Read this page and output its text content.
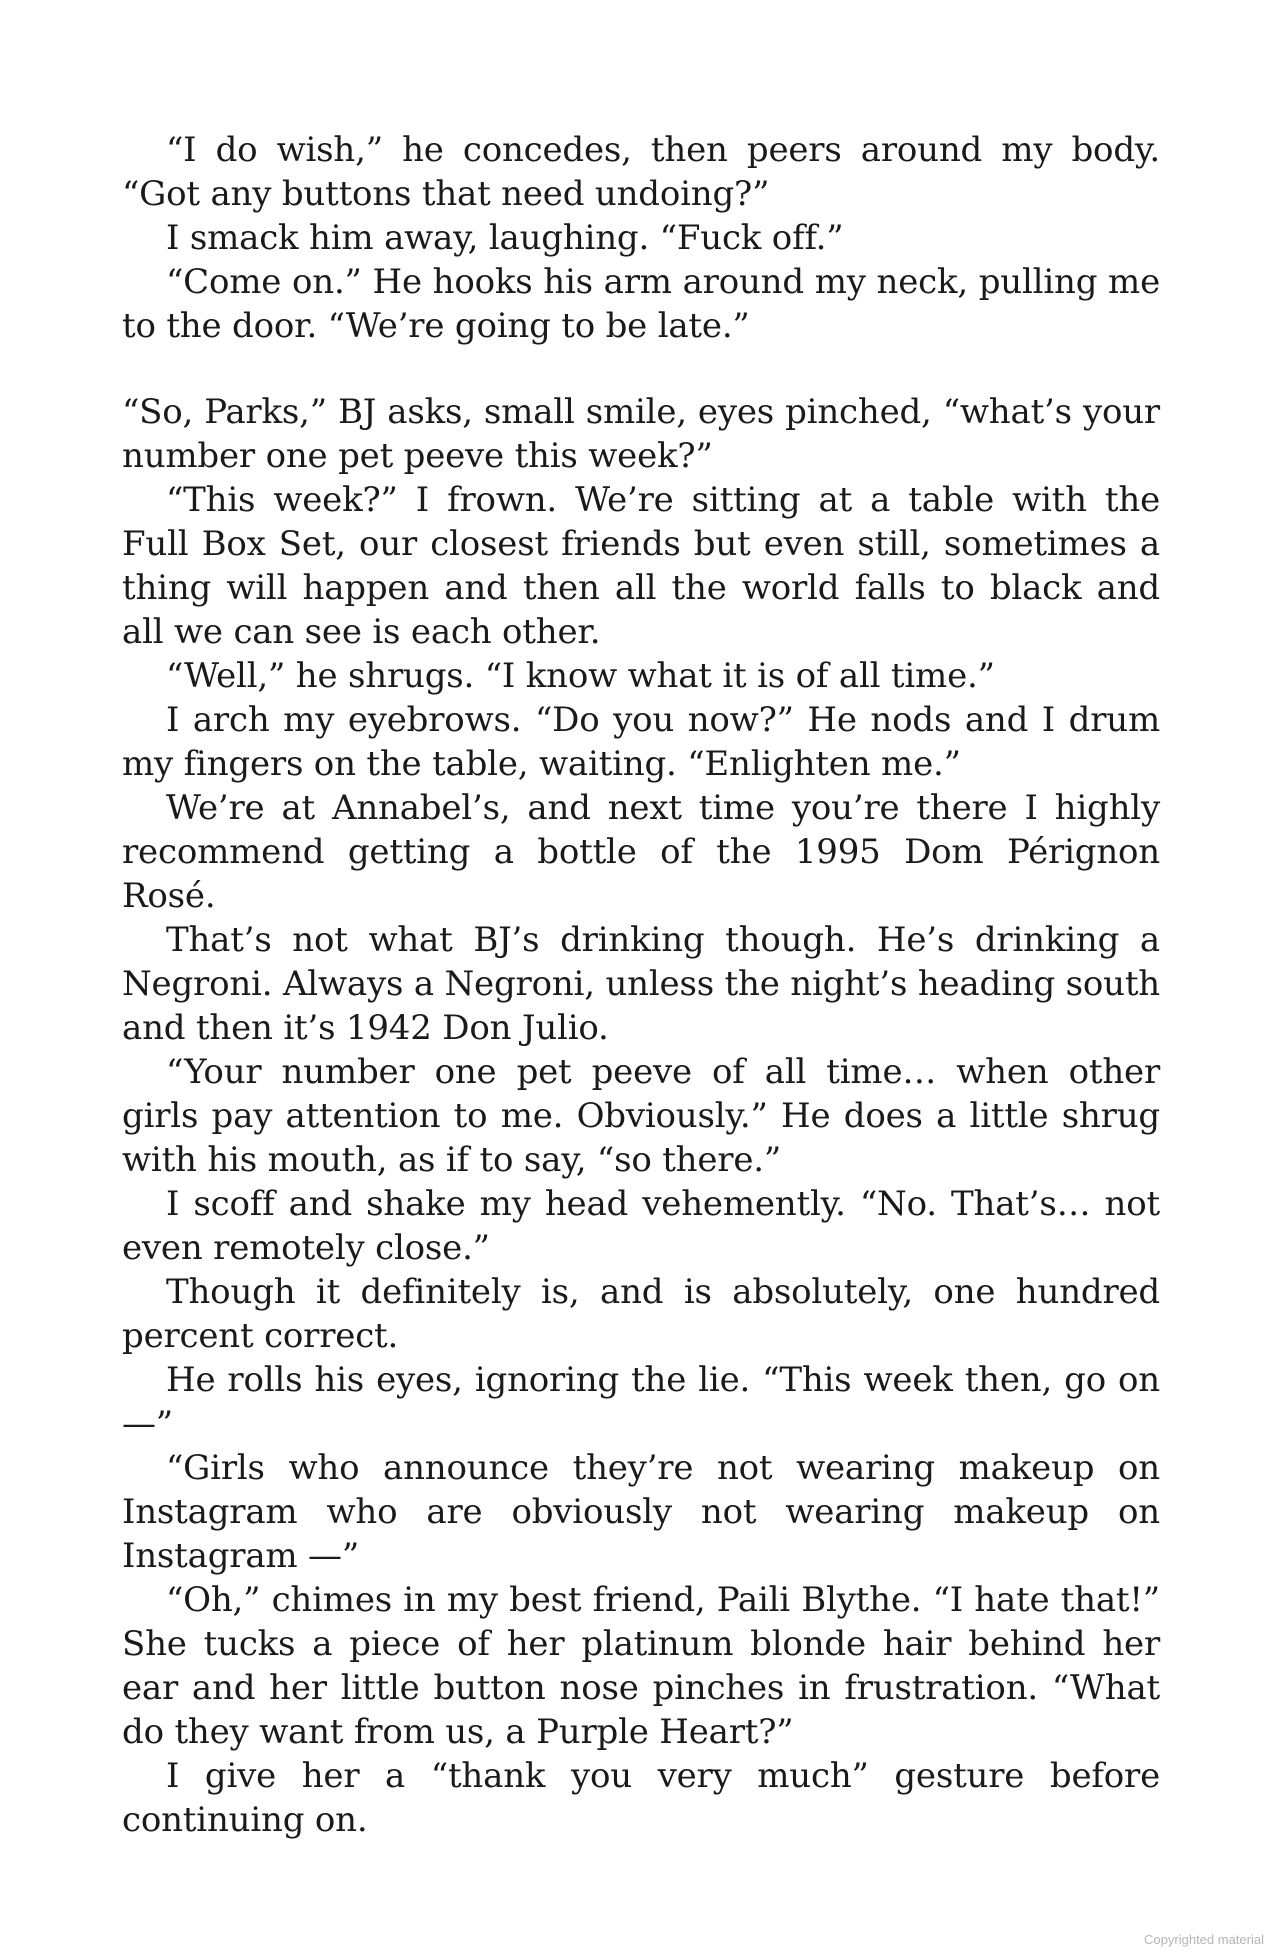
“I do wish,” he concedes, then peers around my body. “Got any buttons that need undoing?”

I smack him away, laughing. “Fuck off.”

“Come on.” He hooks his arm around my neck, pulling me to the door. “We’re going to be late.”

“So, Parks,” BJ asks, small smile, eyes pinched, “what’s your number one pet peeve this week?”

“This week?” I frown. We’re sitting at a table with the Full Box Set, our closest friends but even still, sometimes a thing will happen and then all the world falls to black and all we can see is each other.

“Well,” he shrugs. “I know what it is of all time.”

I arch my eyebrows. “Do you now?” He nods and I drum my fingers on the table, waiting. “Enlighten me.”

We’re at Annabel’s, and next time you’re there I highly recommend getting a bottle of the 1995 Dom Pérignon Rosé.

That’s not what BJ’s drinking though. He’s drinking a Negroni. Always a Negroni, unless the night’s heading south and then it’s 1942 Don Julio.

“Your number one pet peeve of all time… when other girls pay attention to me. Obviously.” He does a little shrug with his mouth, as if to say, “so there.”

I scoff and shake my head vehemently. “No. That’s… not even remotely close.”

Though it definitely is, and is absolutely, one hundred percent correct.

He rolls his eyes, ignoring the lie. “This week then, go on—”

“Girls who announce they’re not wearing makeup on Instagram who are obviously not wearing makeup on Instagram —”

“Oh,” chimes in my best friend, Paili Blythe. “I hate that!” She tucks a piece of her platinum blonde hair behind her ear and her little button nose pinches in frustration. “What do they want from us, a Purple Heart?”

I give her a “thank you very much” gesture before continuing on.

Copyrighted material
